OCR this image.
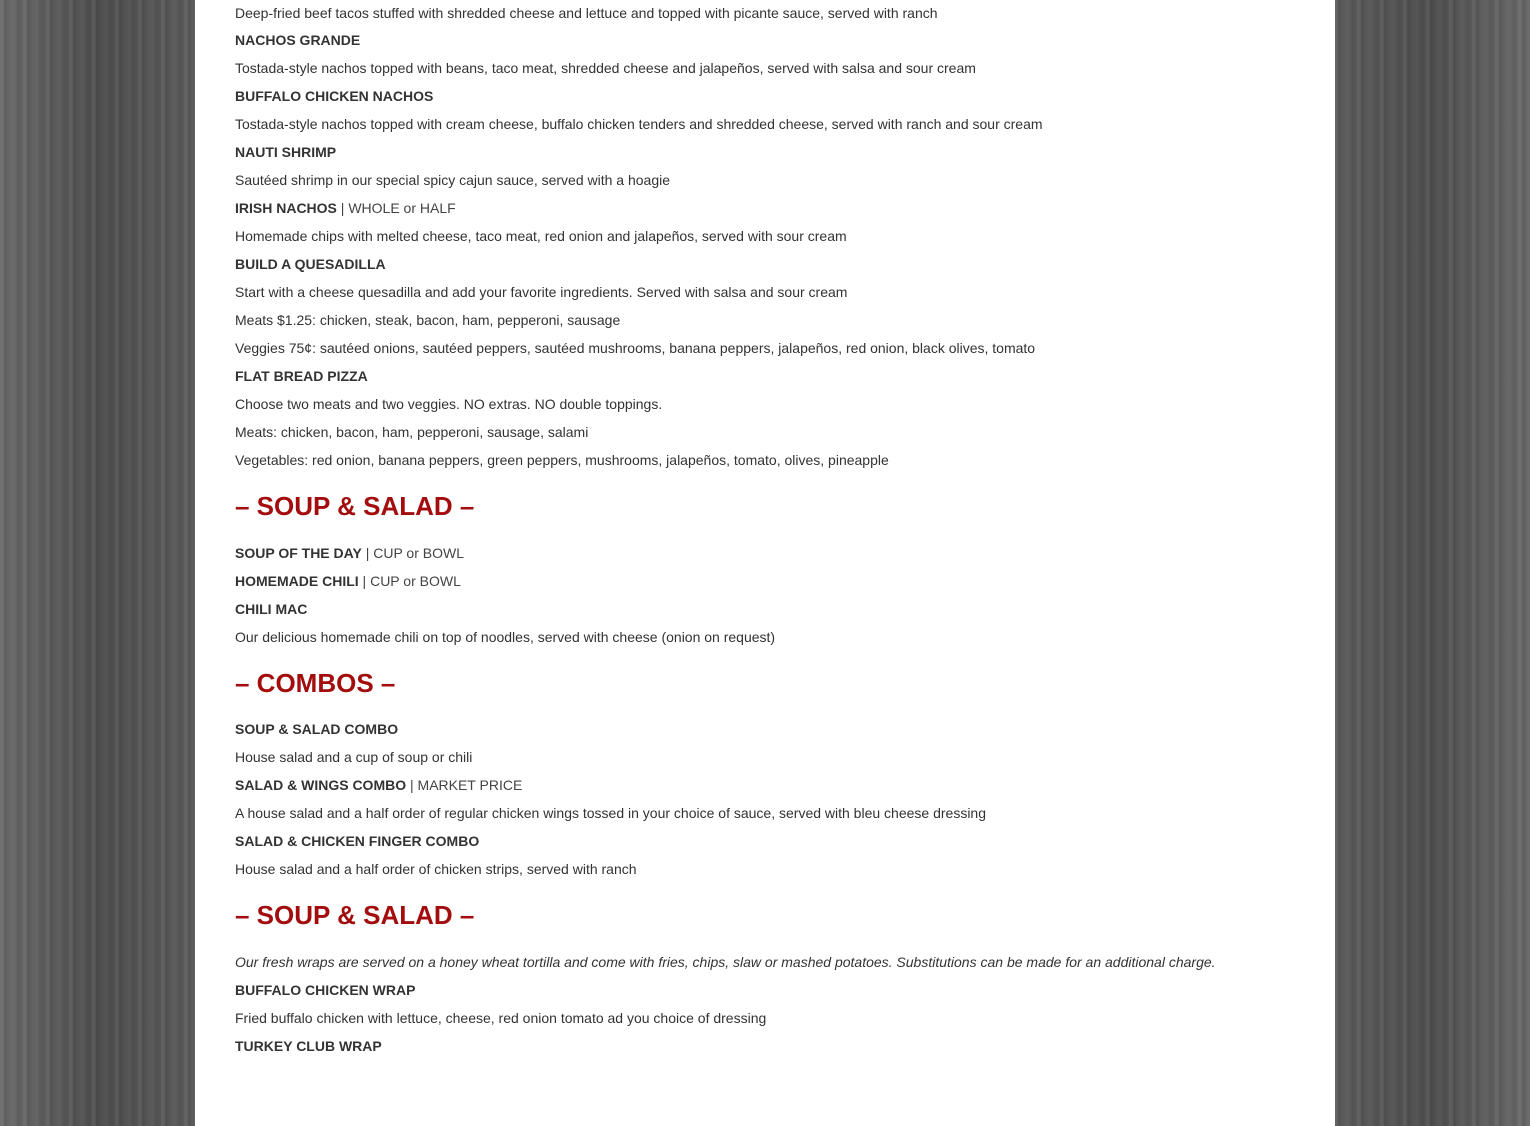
Deep-fried beef tacos stuffed with shredded cheese and lettuce and topped with picante sauce, served with ranch
NACHOS GRANDE
Tostada-style nachos topped with beans, taco meat, shredded cheese and jalapeños, served with salsa and sour cream
BUFFALO CHICKEN NACHOS
Tostada-style nachos topped with cream cheese, buffalo chicken tenders and shredded cheese, served with ranch and sour cream
NAUTI SHRIMP
Sautéed shrimp in our special spicy cajun sauce, served with a hoagie
IRISH NACHOS | WHOLE or HALF
Homemade chips with melted cheese, taco meat, red onion and jalapeños, served with sour cream
BUILD A QUESADILLA
Start with a cheese quesadilla and add your favorite ingredients. Served with salsa and sour cream
Meats $1.25: chicken, steak, bacon, ham, pepperoni, sausage
Veggies 75¢: sautéed onions, sautéed peppers, sautéed mushrooms, banana peppers, jalapeños, red onion, black olives, tomato
FLAT BREAD PIZZA
Choose two meats and two veggies. NO extras. NO double toppings.
Meats: chicken, bacon, ham, pepperoni, sausage, salami
Vegetables: red onion, banana peppers, green peppers, mushrooms, jalapeños, tomato, olives, pineapple
– SOUP & SALAD –
SOUP OF THE DAY | CUP or BOWL
HOMEMADE CHILI | CUP or BOWL
CHILI MAC
Our delicious homemade chili on top of noodles, served with cheese (onion on request)
– COMBOS –
SOUP & SALAD COMBO
House salad and a cup of soup or chili
SALAD & WINGS COMBO | MARKET PRICE
A house salad and a half order of regular chicken wings tossed in your choice of sauce, served with bleu cheese dressing
SALAD & CHICKEN FINGER COMBO
House salad and a half order of chicken strips, served with ranch
– SOUP & SALAD –
Our fresh wraps are served on a honey wheat tortilla and come with fries, chips, slaw or mashed potatoes. Substitutions can be made for an additional charge.
BUFFALO CHICKEN WRAP
Fried buffalo chicken with lettuce, cheese, red onion tomato ad you choice of dressing
TURKEY CLUB WRAP
